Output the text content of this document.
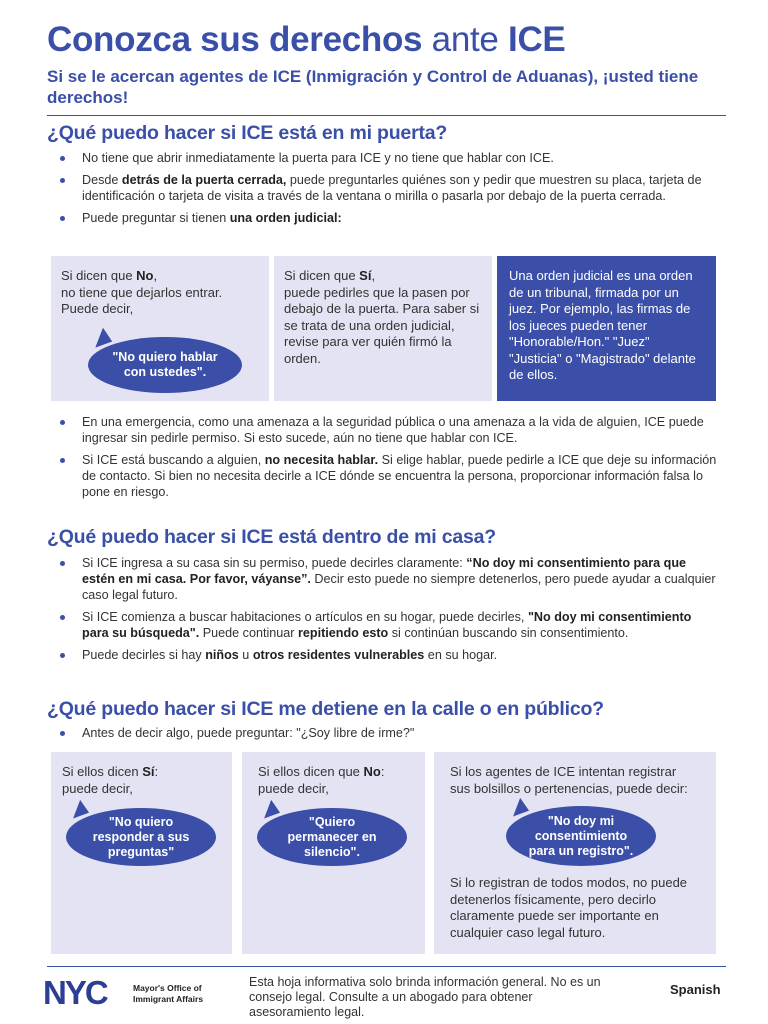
Conozca sus derechos ante ICE
Si se le acercan agentes de ICE (Inmigración y Control de Aduanas), ¡usted tiene derechos!
¿Qué puedo hacer si ICE está en mi puerta?
No tiene que abrir inmediatamente la puerta para ICE y no tiene que hablar con ICE.
Desde detrás de la puerta cerrada, puede preguntarles quiénes son y pedir que muestren su placa, tarjeta de identificación o tarjeta de visita a través de la ventana o mirilla o pasarla por debajo de la puerta cerrada.
Puede preguntar si tienen una orden judicial:
Si dicen que No,
no tiene que dejarlos entrar. Puede decir,
"No quiero hablar con ustedes".
Si dicen que Sí,
puede pedirles que la pasen por debajo de la puerta. Para saber si se trata de una orden judicial, revise para ver quién firmó la orden.
Una orden judicial es una orden de un tribunal, firmada por un juez. Por ejemplo, las firmas de los jueces pueden tener "Honorable/Hon." "Juez" "Justicia" o "Magistrado" delante de ellos.
En una emergencia, como una amenaza a la seguridad pública o una amenaza a la vida de alguien, ICE puede ingresar sin pedirle permiso. Si esto sucede, aún no tiene que hablar con ICE.
Si ICE está buscando a alguien, no necesita hablar. Si elige hablar, puede pedirle a ICE que deje su información de contacto. Si bien no necesita decirle a ICE dónde se encuentra la persona, proporcionar información falsa lo pone en riesgo.
¿Qué puedo hacer si ICE está dentro de mi casa?
Si ICE ingresa a su casa sin su permiso, puede decirles claramente: “No doy mi consentimiento para que estén en mi casa. Por favor, váyanse”. Decir esto puede no siempre detenerlos, pero puede ayudar a cualquier caso legal futuro.
Si ICE comienza a buscar habitaciones o artículos en su hogar, puede decirles, "No doy mi consentimiento para su búsqueda". Puede continuar repitiendo esto si continúan buscando sin consentimiento.
Puede decirles si hay niños u otros residentes vulnerables en su hogar.
¿Qué puedo hacer si ICE me detiene en la calle o en público?
Antes de decir algo, puede preguntar: "¿Soy libre de irme?"
Si ellos dicen Sí:
puede decir,
"No quiero responder a sus preguntas"
Si ellos dicen que No:
puede decir,
"Quiero permanecer en silencio".
Si los agentes de ICE intentan registrar sus bolsillos o pertenencias, puede decir:
Si lo registran de todos modos, no puede detenerlos físicamente, pero decirlo claramente puede ser importante en cualquier caso legal futuro.
"No doy mi consentimiento para un registro".
NYC	Mayor's Office of
Immigrant Affairs
Esta hoja informativa solo brinda información general. No es un consejo legal. Consulte a un abogado para obtener asesoramiento legal.
Spanish
